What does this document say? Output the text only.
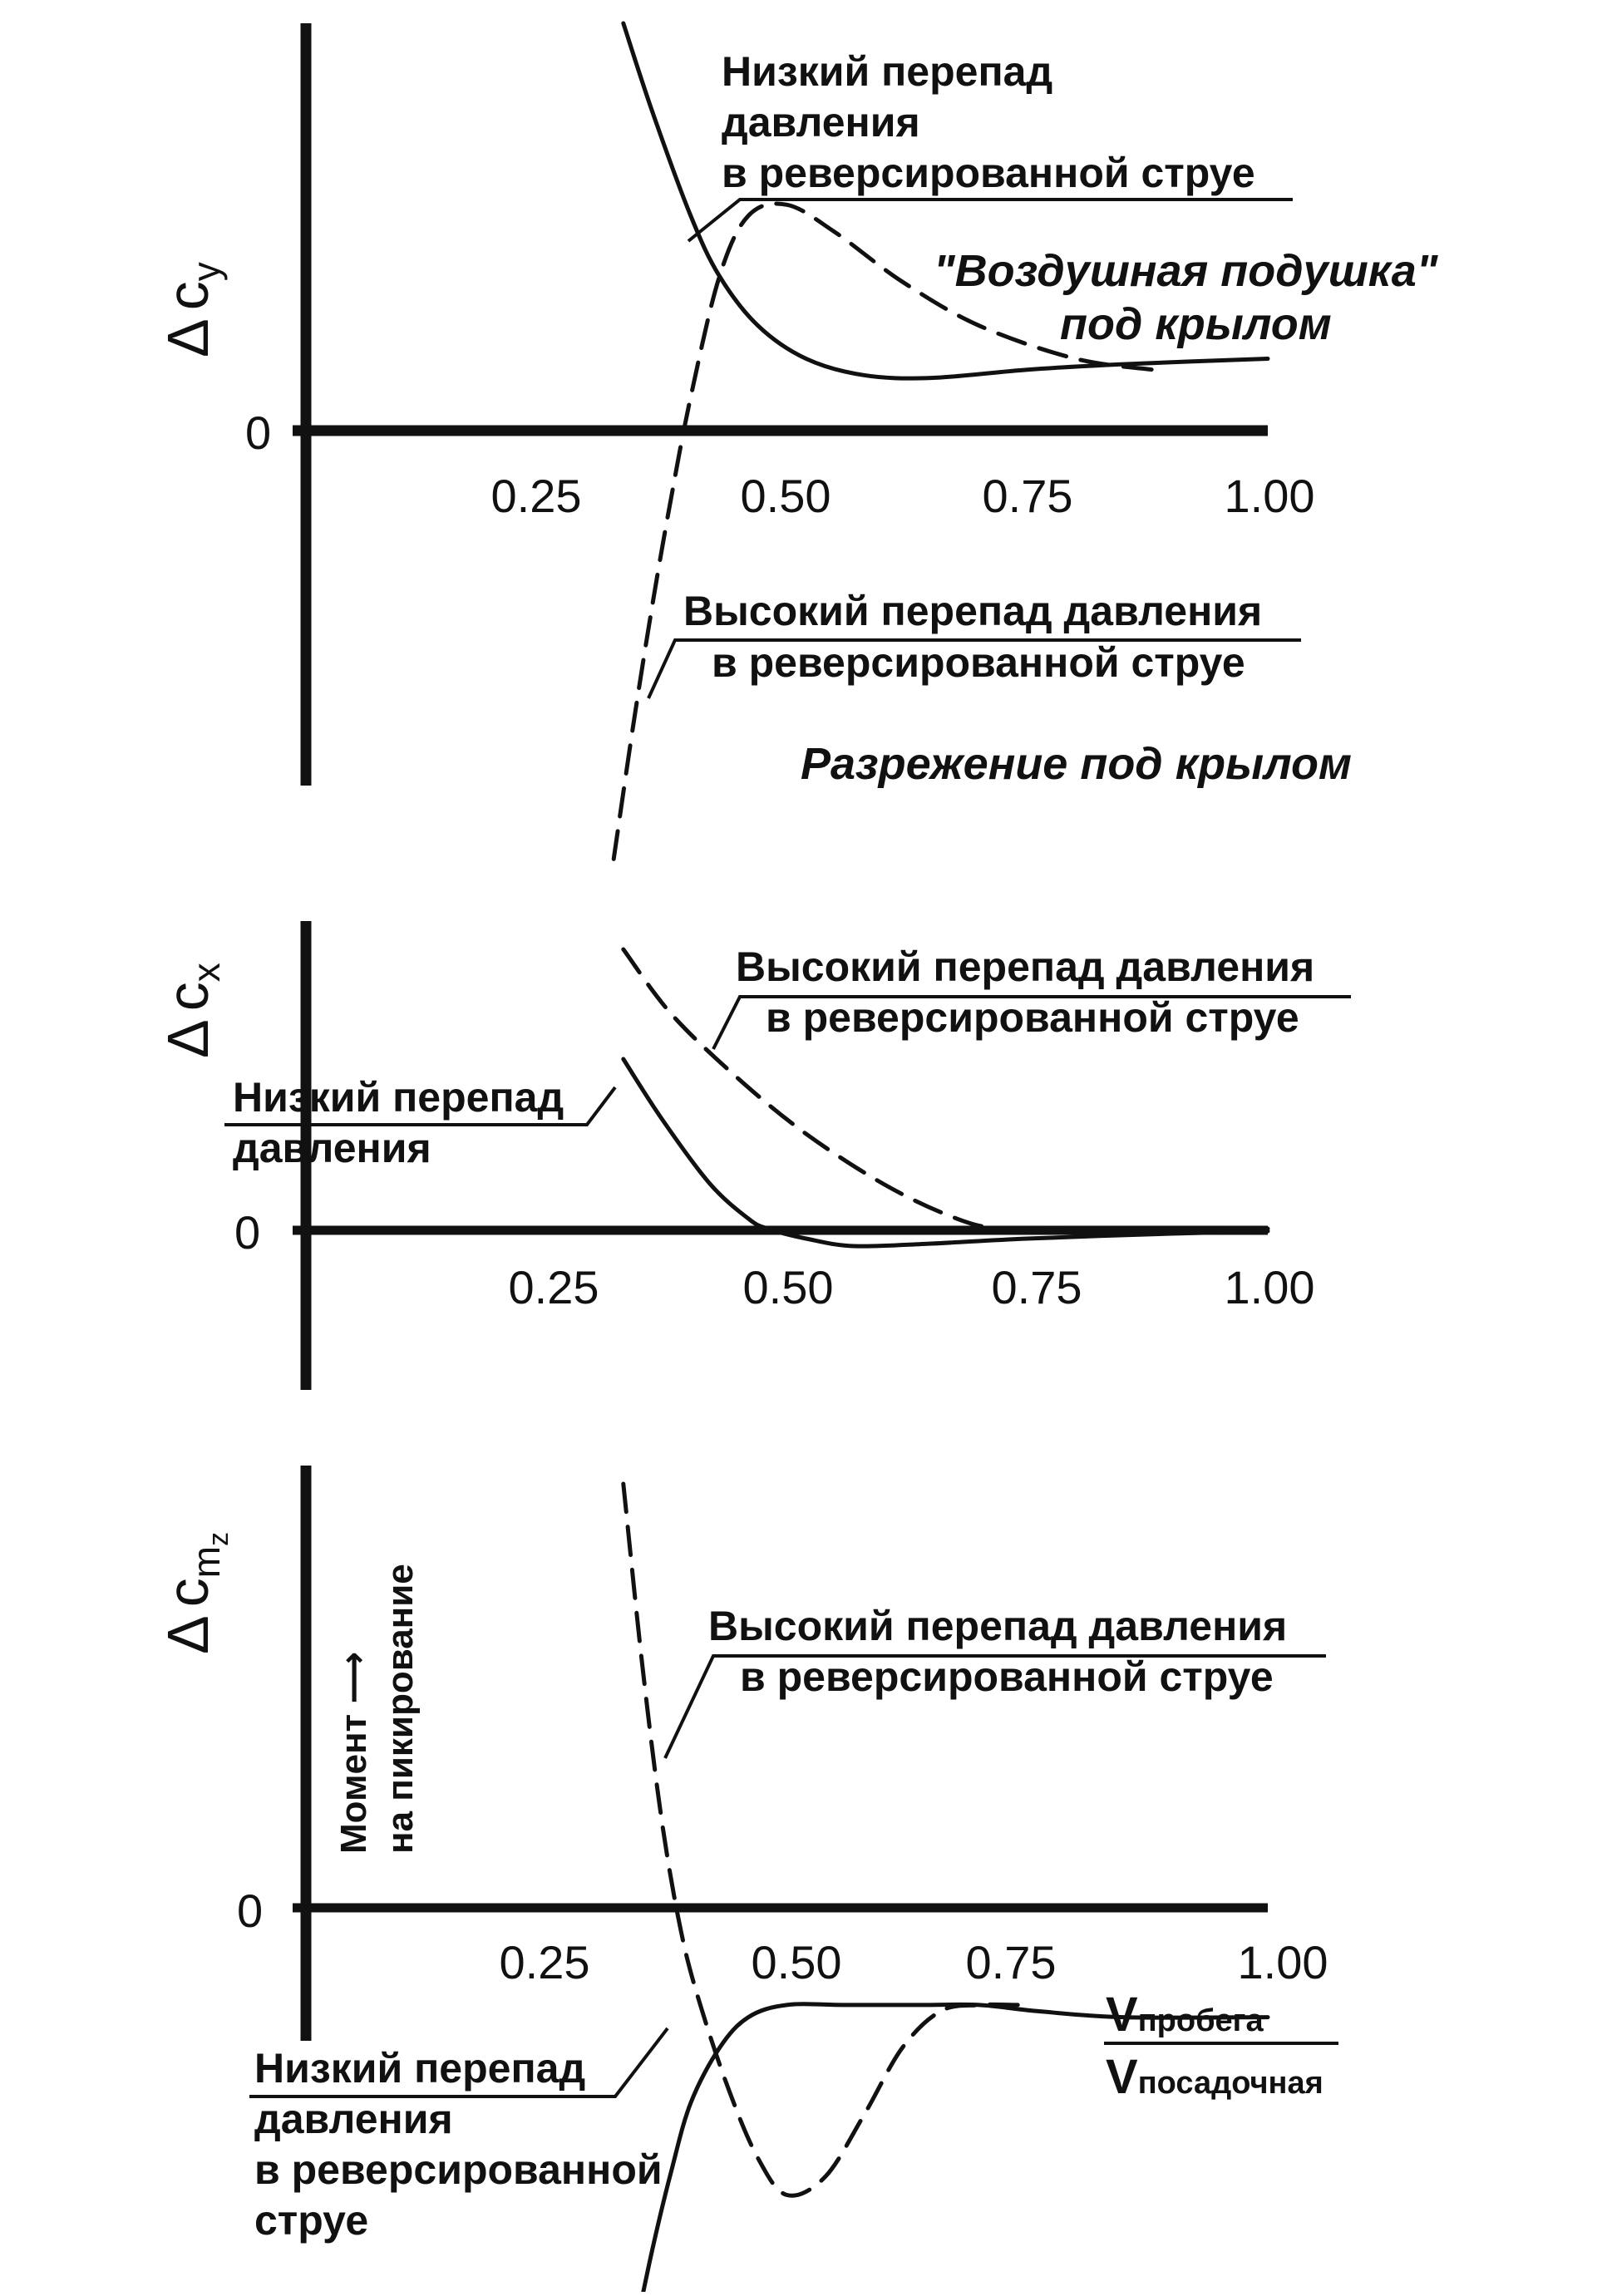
$\Delta c_y$
0
0.25	0.50	0.75	1.00
Низкий перепад
давления
в реверсированной струе
"Воздушная подушка"
под крылом
Высокий перепад давления
в реверсированной струе
Разрежение под крылом
$\Delta c_x$
0
0.25	0.50	0.75	1.00
Высокий перепад давления
в реверсированной струе
Низкий перепад
давления
$\Delta c_mz$
Момент ⟶ на пикирование
0
0.25	0.50	0.75	1.00
Высокий перепад давления
в реверсированной струе
Низкий перепад
давления
в реверсированной
струе
Vпробега
Vпосадочная
